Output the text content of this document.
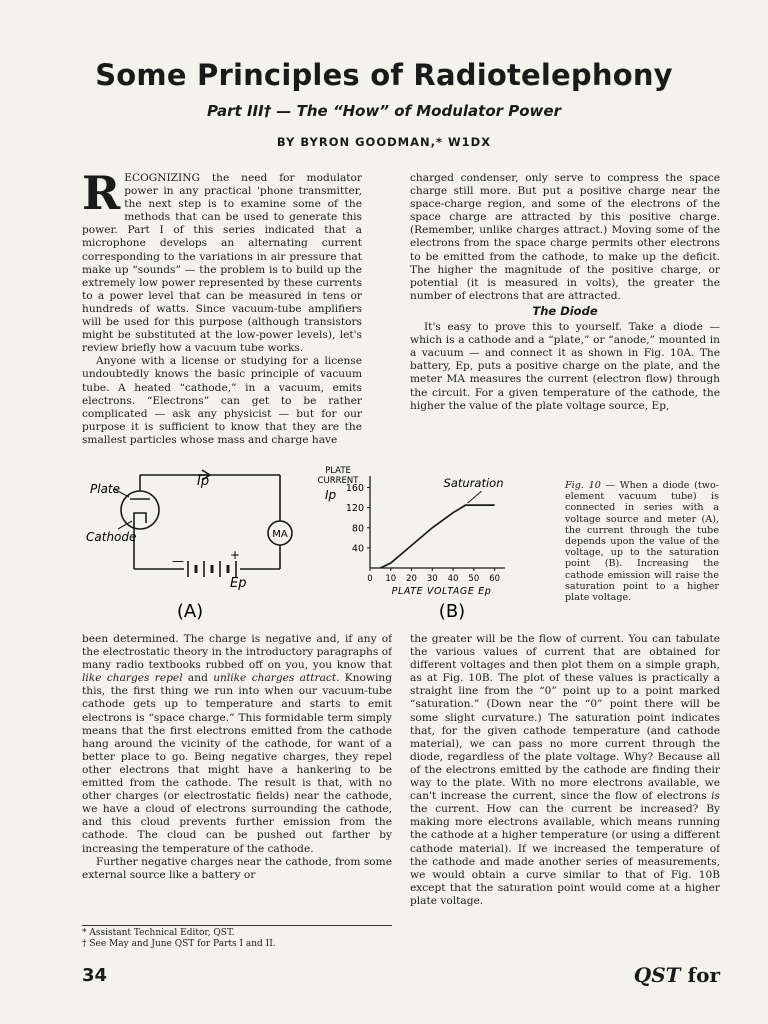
Some Principles of Radiotelephony
Part III† — The “How” of Modulator Power
BY BYRON GOODMAN,* W1DX

RECOGNIZING the need for modulator power in any practical 'phone transmitter, the next step is to examine some of the methods that can be used to generate this power. Part I of this series indicated that a microphone develops an alternating current corresponding to the variations in air pressure that make up “sounds” — the problem is to build up the extremely low power represented by these currents to a power level that can be measured in tens or hundreds of watts. Since vacuum-tube amplifiers will be used for this purpose (although transistors might be substituted at the low-power levels), let's review briefly how a vacuum tube works.

Anyone with a license or studying for a license undoubtedly knows the basic principle of vacuum tube. A heated “cathode,” in a vacuum, emits electrons. “Electrons” can get to be rather complicated — ask any physicist — but for our purpose it is sufficient to know that they are the smallest particles whose mass and charge have

charged condenser, only serve to compress the space charge still more. But put a positive charge near the space-charge region, and some of the electrons of the space charge are attracted by this positive charge. (Remember, unlike charges attract.) Moving some of the electrons from the space charge permits other electrons to be emitted from the cathode, to make up the deficit. The higher the magnitude of the positive charge, or potential (it is measured in volts), the greater the number of electrons that are attracted.

The Diode

It's easy to prove this to yourself. Take a diode — which is a cathode and a “plate,” or “anode,” mounted in a vacuum — and connect it as shown in Fig. 10A. The battery, Ep, puts a positive charge on the plate, and the meter MA measures the current (electron flow) through the circuit. For a given temperature of the cathode, the higher the value of the plate voltage source, Ep,

Ip
Plate
Cathode	MA
—	+
Ep
(A)
PLATE
CURRENT
Ip
40
80
120
160
0 10 20 30 40 50 60
PLATE VOLTAGE Ep
Saturation
(B)
Fig. 10 — When a diode (two-element vacuum tube) is connected in series with a voltage source and meter (A), the current through the tube depends upon the value of the voltage, up to the saturation point (B). Increasing the cathode emission will raise the saturation point to a higher plate voltage.

been determined. The charge is negative and, if any of the electrostatic theory in the introductory paragraphs of many radio textbooks rubbed off on you, you know that like charges repel and unlike charges attract. Knowing this, the first thing we run into when our vacuum-tube cathode gets up to temperature and starts to emit electrons is “space charge.” This formidable term simply means that the first electrons emitted from the cathode hang around the vicinity of the cathode, for want of a better place to go. Being negative charges, they repel other electrons that might have a hankering to be emitted from the cathode. The result is that, with no other charges (or electrostatic fields) near the cathode, we have a cloud of electrons surrounding the cathode, and this cloud prevents further emission from the cathode. The cloud can be pushed out farther by increasing the temperature of the cathode.

Further negative charges near the cathode, from some external source like a battery or

* Assistant Technical Editor, QST.
† See May and June QST for Parts I and II.

the greater will be the flow of current. You can tabulate the various values of current that are obtained for different voltages and then plot them on a simple graph, as at Fig. 10B. The plot of these values is practically a straight line from the “0” point up to a point marked “saturation.” (Down near the “0” point there will be some slight curvature.) The saturation point indicates that, for the given cathode temperature (and cathode material), we can pass no more current through the diode, regardless of the plate voltage. Why? Because all of the electrons emitted by the cathode are finding their way to the plate. With no more electrons available, we can't increase the current, since the flow of electrons is the current. How can the current be increased? By making more electrons available, which means running the cathode at a higher temperature (or using a different cathode material). If we increased the temperature of the cathode and made another series of measurements, we would obtain a curve similar to that of Fig. 10B except that the saturation point would come at a higher plate voltage.

34	QST for
